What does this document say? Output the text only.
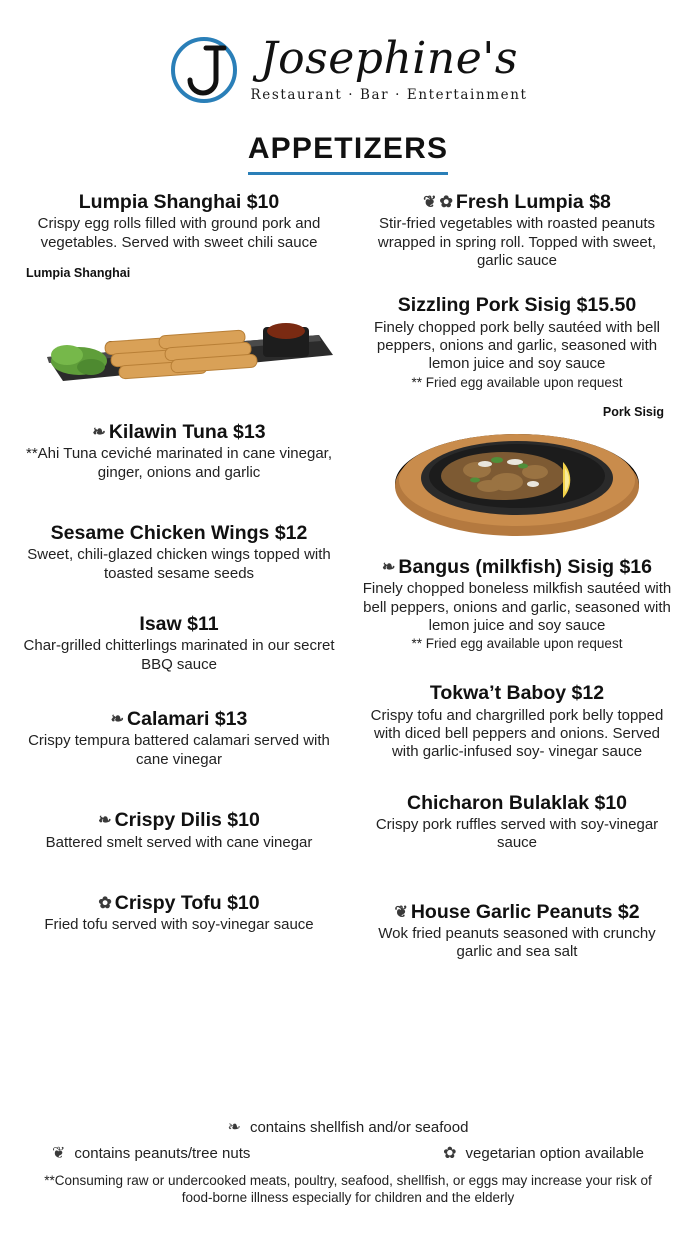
Josephine's
Restaurant · Bar · Entertainment
APPETIZERS
Lumpia Shanghai $10
Crispy egg rolls filled with ground pork and vegetables. Served with sweet chili sauce
Lumpia Shanghai
❧ Kilawin Tuna $13
**Ahi Tuna ceviché marinated in cane vinegar, ginger, onions and garlic
Sesame Chicken Wings $12
Sweet, chili-glazed chicken wings topped with toasted sesame seeds
Isaw $11
Char-grilled chitterlings marinated in our secret BBQ sauce
❧ Calamari $13
Crispy tempura battered calamari served with cane vinegar
❧ Crispy Dilis $10
Battered smelt served with cane vinegar
✿ Crispy Tofu $10
Fried tofu served with soy-vinegar sauce
❦ ✿ Fresh Lumpia $8
Stir-fried vegetables with roasted peanuts wrapped in spring roll. Topped with sweet, garlic sauce
Sizzling Pork Sisig $15.50
Finely chopped pork belly sautéed with bell peppers, onions and garlic, seasoned with lemon juice and soy sauce
** Fried egg available upon request
Pork Sisig
❧ Bangus (milkfish) Sisig $16
Finely chopped boneless milkfish sautéed with bell peppers, onions and garlic, seasoned with lemon juice and soy sauce
** Fried egg available upon request
Tokwa’t Baboy $12
Crispy tofu and chargrilled pork belly topped with diced bell peppers and onions. Served with garlic-infused soy- vinegar sauce
Chicharon Bulaklak $10
Crispy pork ruffles served with soy-vinegar sauce
❦ House Garlic Peanuts $2
Wok fried peanuts seasoned with crunchy garlic and sea salt
❧ contains shellfish and/or seafood
❦ contains peanuts/tree nuts	✿ vegetarian option available
**Consuming raw or undercooked meats, poultry, seafood, shellfish, or eggs may increase your risk of food-borne illness especially for children and the elderly
